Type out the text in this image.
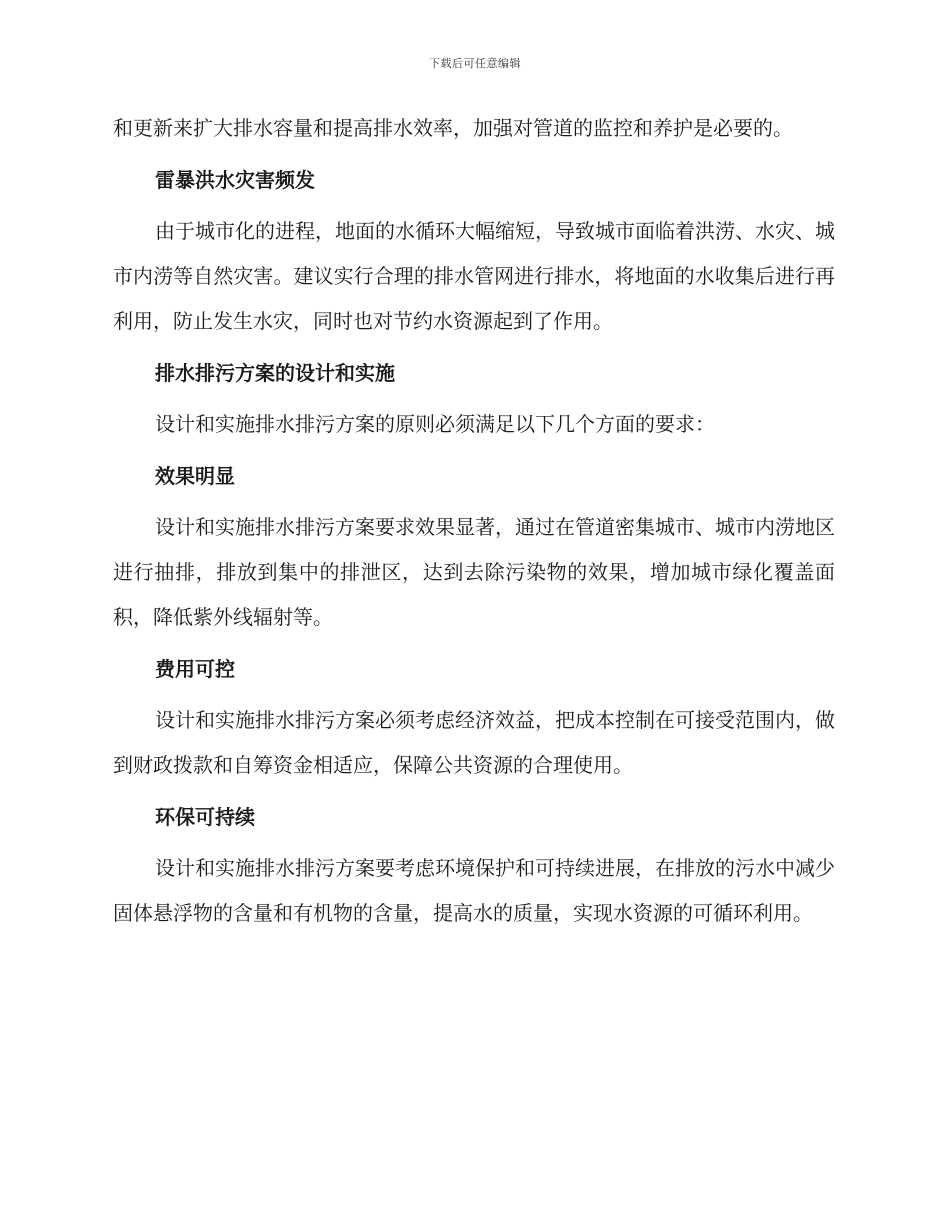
下载后可任意编辑

和更新来扩大排水容量和提高排水效率，加强对管道的监控和养护是必要的。

雷暴洪水灾害频发

由于城市化的进程，地面的水循环大幅缩短，导致城市面临着洪涝、水灾、城市内涝等自然灾害。建议实行合理的排水管网进行排水，将地面的水收集后进行再利用，防止发生水灾，同时也对节约水资源起到了作用。

排水排污方案的设计和实施

设计和实施排水排污方案的原则必须满足以下几个方面的要求：

效果明显

设计和实施排水排污方案要求效果显著，通过在管道密集城市、城市内涝地区进行抽排，排放到集中的排泄区，达到去除污染物的效果，增加城市绿化覆盖面积，降低紫外线辐射等。

费用可控

设计和实施排水排污方案必须考虑经济效益，把成本控制在可接受范围内，做到财政拨款和自筹资金相适应，保障公共资源的合理使用。

环保可持续

设计和实施排水排污方案要考虑环境保护和可持续进展，在排放的污水中减少固体悬浮物的含量和有机物的含量，提高水的质量，实现水资源的可循环利用。
